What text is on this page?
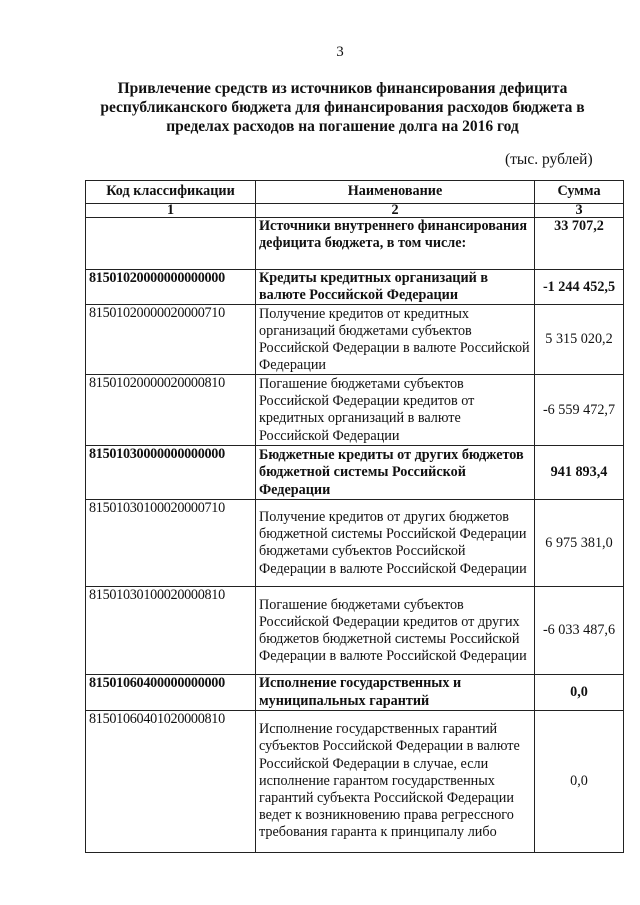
3
Привлечение средств из источников финансирования дефицита республиканского бюджета для финансирования расходов бюджета в пределах расходов на погашение долга на 2016 год
(тыс. рублей)
Код классификации	Наименование	Сумма
1	2	3
	Источники внутреннего финансирования дефицита бюджета, в том числе:	33 707,2
81501020000000000000	Кредиты кредитных организаций в валюте Российской Федерации	-1 244 452,5
81501020000020000710	Получение кредитов от кредитных организаций бюджетами субъектов Российской Федерации в валюте Российской Федерации	5 315 020,2
81501020000020000810	Погашение бюджетами субъектов Российской Федерации кредитов от кредитных организаций в валюте Российской Федерации	-6 559 472,7
81501030000000000000	Бюджетные кредиты от других бюджетов бюджетной системы Российской Федерации	941 893,4
81501030100020000710	Получение кредитов от других бюджетов бюджетной системы Российской Федерации бюджетами субъектов Российской Федерации в валюте Российской Федерации	6 975 381,0
81501030100020000810	Погашение бюджетами субъектов Российской Федерации кредитов от других бюджетов бюджетной системы Российской Федерации в валюте Российской Федерации	-6 033 487,6
81501060400000000000	Исполнение государственных и муниципальных гарантий	0,0
81501060401020000810	Исполнение государственных гарантий субъектов Российской Федерации в валюте Российской Федерации в случае, если исполнение гарантом государственных гарантий субъекта Российской Федерации ведет к возникновению права регрессного требования гаранта к принципалу либо	0,0
